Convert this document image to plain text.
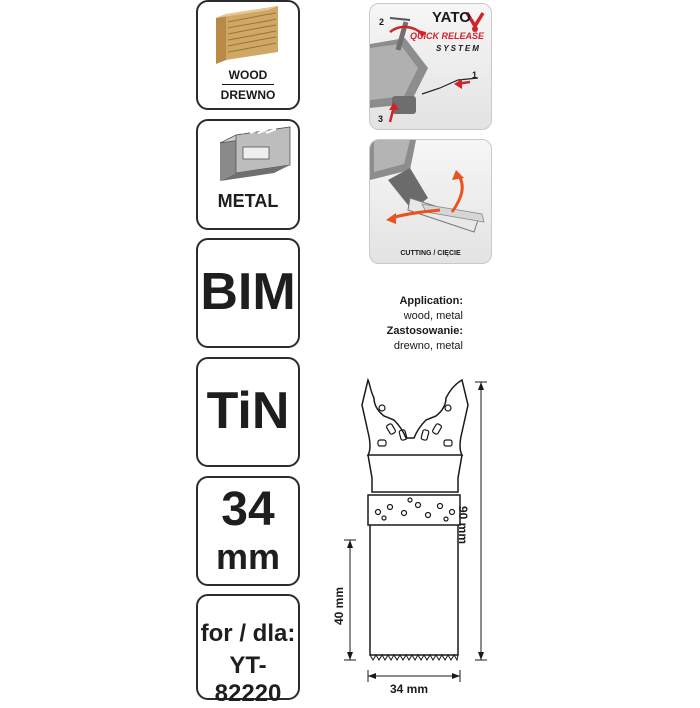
WOOD
DREWNO
METAL
BIM
TiN
34
mm
for / dla:
YT-82220
YATO
QUICK RELEASE
SYSTEM
1
2
3
CUTTING / CIĘCIE
Application:
wood, metal
Zastosowanie:
drewno, metal
90 mm
40 mm
34 mm
